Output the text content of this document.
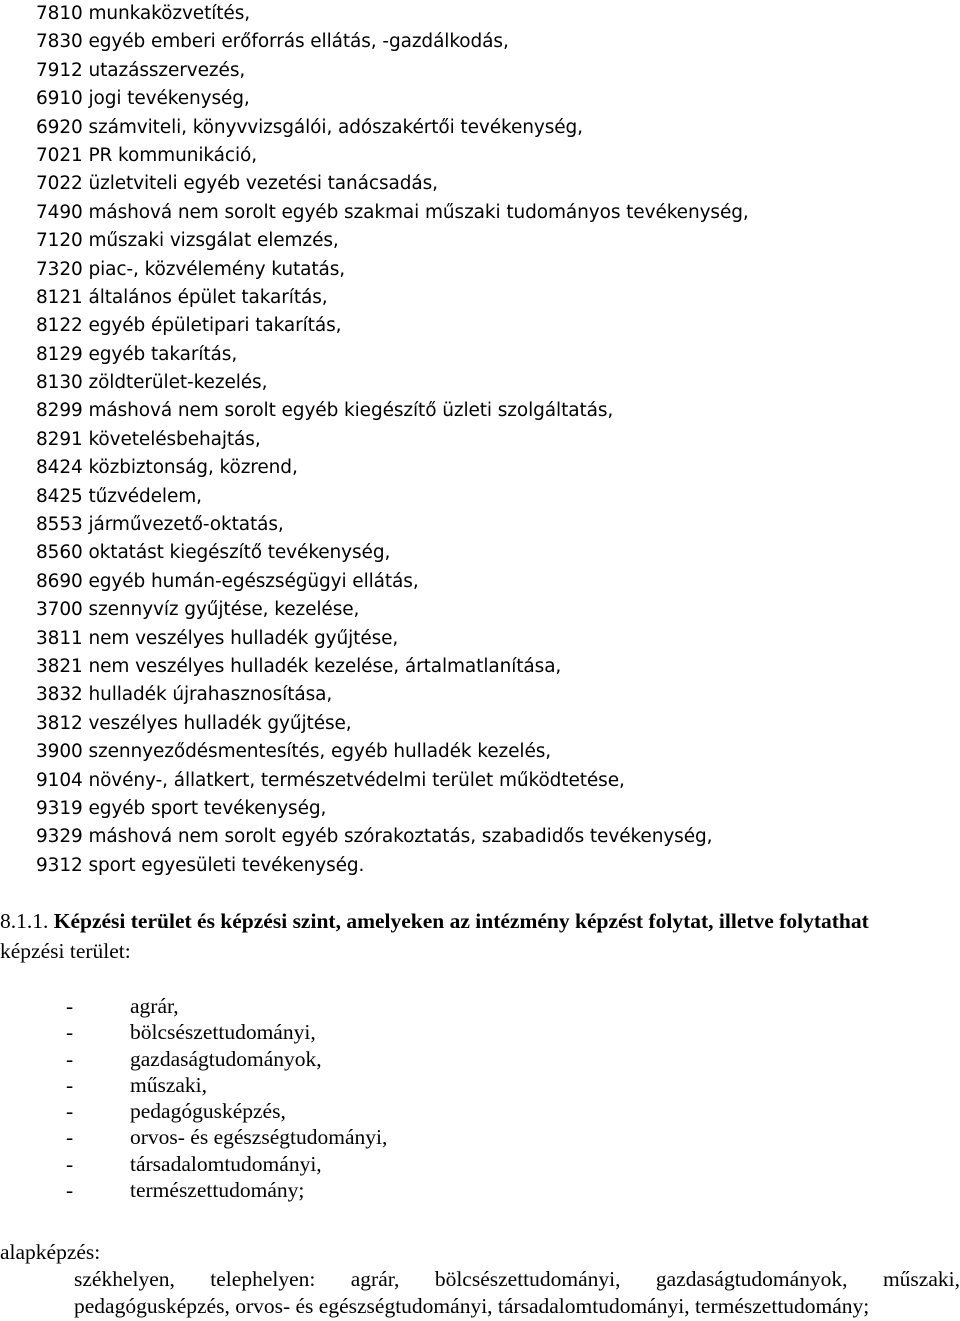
7810 munkaközvetítés,
7830 egyéb emberi erőforrás ellátás, -gazdálkodás,
7912 utazásszervezés,
6910 jogi tevékenység,
6920 számviteli, könyvvizsgálói, adószakértői tevékenység,
7021 PR kommunikáció,
7022 üzletviteli egyéb vezetési tanácsadás,
7490 máshová nem sorolt egyéb szakmai műszaki tudományos tevékenység,
7120 műszaki vizsgálat elemzés,
7320 piac-, közvélemény kutatás,
8121 általános épület takarítás,
8122 egyéb épületipari takarítás,
8129 egyéb takarítás,
8130 zöldterület-kezelés,
8299 máshová nem sorolt egyéb kiegészítő üzleti szolgáltatás,
8291 követelésbehajtás,
8424 közbiztonság, közrend,
8425 tűzvédelem,
8553 járművezető-oktatás,
8560 oktatást kiegészítő tevékenység,
8690 egyéb humán-egészségügyi ellátás,
3700 szennyvíz gyűjtése, kezelése,
3811 nem veszélyes hulladék gyűjtése,
3821 nem veszélyes hulladék kezelése, ártalmatlanítása,
3832 hulladék újrahasznosítása,
3812 veszélyes hulladék gyűjtése,
3900 szennyeződésmentesítés, egyéb hulladék kezelés,
9104 növény-, állatkert, természetvédelmi terület működtetése,
9319 egyéb sport tevékenység,
9329 máshová nem sorolt egyéb szórakoztatás, szabadidős tevékenység,
9312 sport egyesületi tevékenység.
8.1.1. Képzési terület és képzési szint, amelyeken az intézmény képzést folytat, illetve folytathat
képzési terület:
-	agrár,
-	bölcsészettudományi,
-	gazdaságtudományok,
-	műszaki,
-	pedagógusképzés,
-	orvos- és egészségtudományi,
-	társadalomtudományi,
-	természettudomány;
alapképzés:
székhelyen, telephelyen: agrár, bölcsészettudományi, gazdaságtudományok, műszaki,
pedagógusképzés, orvos- és egészségtudományi, társadalomtudományi, természettudomány;
